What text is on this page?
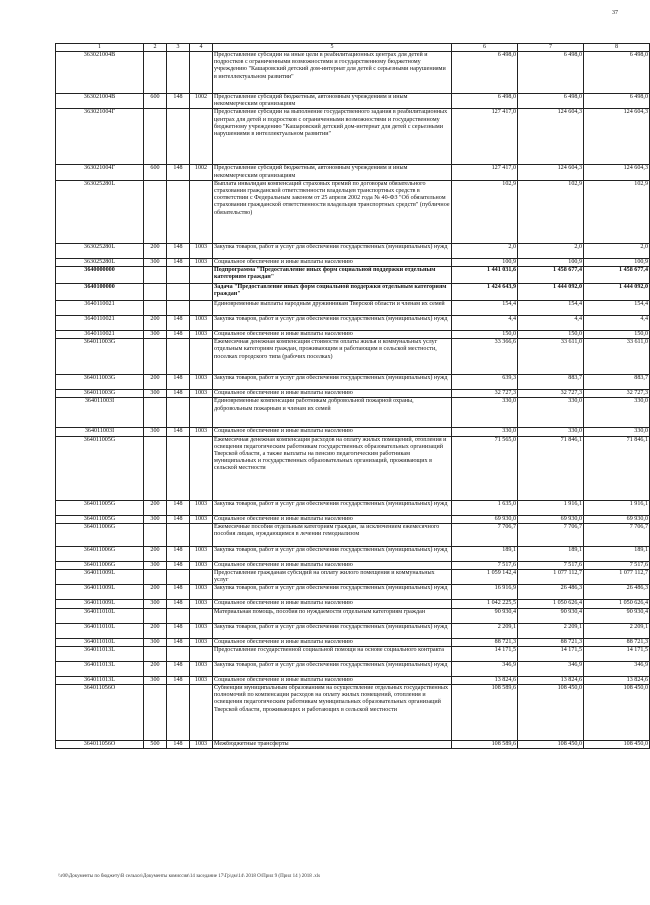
37
1	2	3	4	5	6	7	8
363021004В				Предоставление субсидии на иные цели в реабилитационных центрах для детей и подростков с ограниченными возможностями и государственному бюджетному учреждению "Кашаровский детский дом-интернат для детей с серьезными нарушениями в интеллектуальном развитии"	6 498,0	6 498,0	6 498,0
363021004В	600	148	1002	Предоставление субсидий бюджетным, автономным учреждениям и иным некоммерческим организациям	6 498,0	6 498,0	6 498,0
363021004Г				Предоставление субсидии на выполнение государственного задания в реабилитационных центрах для детей и подростков с ограниченными возможностями и государственному бюджетному учреждению "Кашаровский детский дом-интернат для детей с серьезными нарушениями в интеллектуальном развитии"	127 417,0	124 604,3	124 604,3
363021004Г	600	148	1002	Предоставление субсидий бюджетным, автономным учреждениям и иным некоммерческим организациям	127 417,0	124 604,3	124 604,3
363025280L				Выплата инвалидам компенсаций страховых премий по договорам обязательного страхования гражданской ответственности владельцев транспортных средств в соответствии с Федеральным законом от 25 апреля 2002 года № 40-ФЗ "Об обязательном страховании гражданской ответственности владельцев транспортных средств" (публичное обязательство)	102,9	102,9	102,9
363025280L	200	148	1003	Закупка товаров, работ и услуг для обеспечения государственных (муниципальных) нужд	2,0	2,0	2,0
363025280L	300	148	1003	Социальное обеспечение и иные выплаты населению	100,9	100,9	100,9
3640000000				Подпрограмма "Предоставление иных форм социальной поддержки отдельным категориям граждан"	1 441 031,6	1 458 677,4	1 458 677,4
3640100000				Задача "Предоставление иных форм социальной поддержки отдельным категориям граждан"	1 424 643,9	1 444 092,0	1 444 092,0
3640110021				Единовременные выплаты народным дружинникам Тверской области и членам их семей	154,4	154,4	154,4
3640110021	200	148	1003	Закупка товаров, работ и услуг для обеспечения государственных (муниципальных) нужд	4,4	4,4	4,4
3640110021	300	148	1003	Социальное обеспечение и иные выплаты населению	150,0	150,0	150,0
364011003G				Ежемесячная денежная компенсация стоимости оплаты жилья и коммунальных услуг отдельным категориям граждан, проживающим и работающим в сельской местности, поселках городского типа (рабочих поселках)	33 366,6	33 611,0	33 611,0
364011003G	200	148	1003	Закупка товаров, работ и услуг для обеспечения государственных (муниципальных) нужд	639,3	883,7	883,7
364011003G	300	148	1003	Социальное обеспечение и иные выплаты населению	32 727,3	32 727,3	32 727,3
364011003I				Единовременные компенсации работникам добровольной пожарной охраны, добровольным пожарным и членам их семей	330,0	330,0	330,0
364011003I	300	148	1003	Социальное обеспечение и иные выплаты населению	330,0	330,0	330,0
364011005G				Ежемесячная денежная компенсация расходов на оплату жилых помещений, отопления и освещения педагогическим работникам государственных образовательных организаций Тверской области, а также выплаты на пенсию педагогическим работникам муниципальных и государственных образовательных организаций, проживающих в сельской местности	71 565,0	71 846,1	71 846,1
364011005G	200	148	1003	Закупка товаров, работ и услуг для обеспечения государственных (муниципальных) нужд	1 635,0	1 916,1	1 916,1
364011005G	300	148	1003	Социальное обеспечение и иные выплаты населению	69 930,0	69 930,0	69 930,0
364011006G				Ежемесячные пособия отдельным категориям граждан, за исключением ежемесячного пособия лицам, нуждающимся в лечении гемодиализом	7 706,7	7 706,7	7 706,7
364011006G	200	148	1003	Закупка товаров, работ и услуг для обеспечения государственных (муниципальных) нужд	189,1	189,1	189,1
364011006G	300	148	1003	Социальное обеспечение и иные выплаты населению	7 517,6	7 517,6	7 517,6
364011009L				Предоставление гражданам субсидий на оплату жилого помещения и коммунальных услуг	1 059 142,4	1 077 112,7	1 077 112,7
364011009L	200	148	1003	Закупка товаров, работ и услуг для обеспечения государственных (муниципальных) нужд	16 916,9	26 486,3	26 486,3
364011009L	300	148	1003	Социальное обеспечение и иные выплаты населению	1 042 225,5	1 050 626,4	1 050 626,4
364011010L				Материальная помощь, пособия по нуждаемости отдельным категориям граждан	90 930,4	90 930,4	90 930,4
364011010L	200	148	1003	Закупка товаров, работ и услуг для обеспечения государственных (муниципальных) нужд	2 209,1	2 209,1	2 209,1
364011010L	300	148	1003	Социальное обеспечение и иные выплаты населению	88 721,3	88 721,3	88 721,3
364011013L				Предоставление государственной социальной помощи на основе социального контракта	14 171,5	14 171,5	14 171,5
364011013L	200	148	1003	Закупка товаров, работ и услуг для обеспечения государственных (муниципальных) нужд	346,9	346,9	346,9
364011013L	300	148	1003	Социальное обеспечение и иные выплаты населению	13 824,6	13 824,6	13 824,6
364011056O				Субвенции муниципальным образованиям на осуществление отдельных государственных полномочий по компенсации расходов на оплату жилых помещений, отопления и освещения педагогическим работникам муниципальных образовательных организаций Тверской области, проживающих и работающих в сельской местности	108 589,6	108 450,0	108 450,0
364011056O	500	148	1003	Межбюджетные трансферты	108 589,6	108 450,0	108 450,0
\\r00\Документы по бюджету\В сельхоз\Документы комиссия\14 заседание 17\Гр\дм\14\ 2018 О\Прил 9 (Прил 14 ) 2018 .xls
